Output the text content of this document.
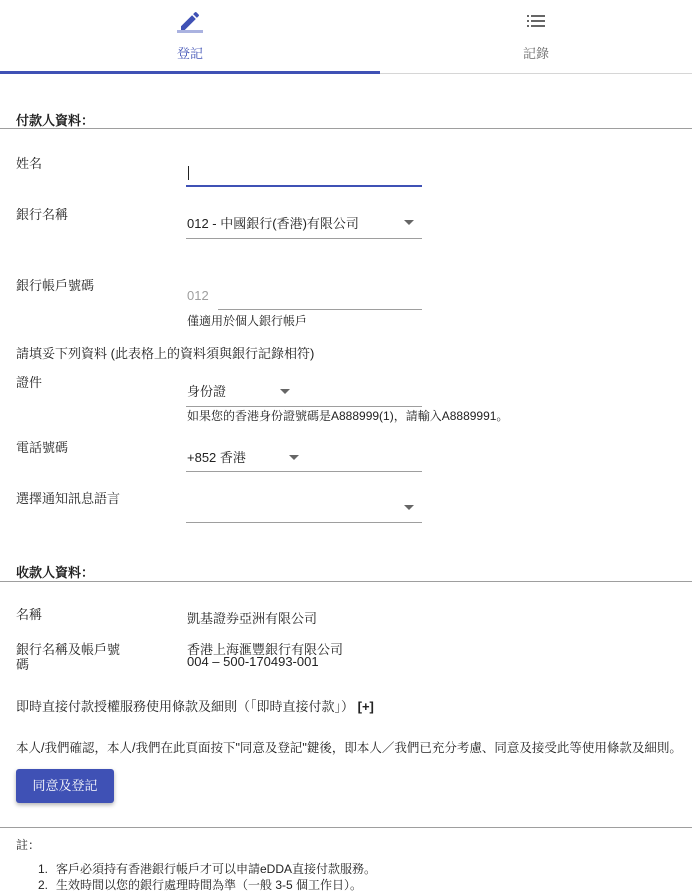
登記	記錄
付款人資料：
姓名
銀行名稱
012 - 中國銀行(香港)有限公司
銀行帳戶號碼
012
僅適用於個人銀行帳戶
請填妥下列資料 (此表格上的資料須與銀行記錄相符)
證件
身份證
如果您的香港身份證號碼是A888999(1)，請輸入A8889991。
電話號碼
+852 香港
選擇通知訊息語言
收款人資料：
名稱	凱基證券亞洲有限公司
銀行名稱及帳戶號
碼
香港上海滙豐銀行有限公司
004 – 500-170493-001
即時直接付款授權服務使用條款及細則（「即時直接付款」） [+]
本人/我們確認，本人/我們在此頁面按下"同意及登記"鍵後，即本人／我們已充分考慮、同意及接受此等使用條款及細則。
同意及登記
註：
1. 客戶必須持有香港銀行帳戶才可以申請eDDA直接付款服務。
2. 生效時間以您的銀行處理時間為準（一般 3-5 個工作日）。
